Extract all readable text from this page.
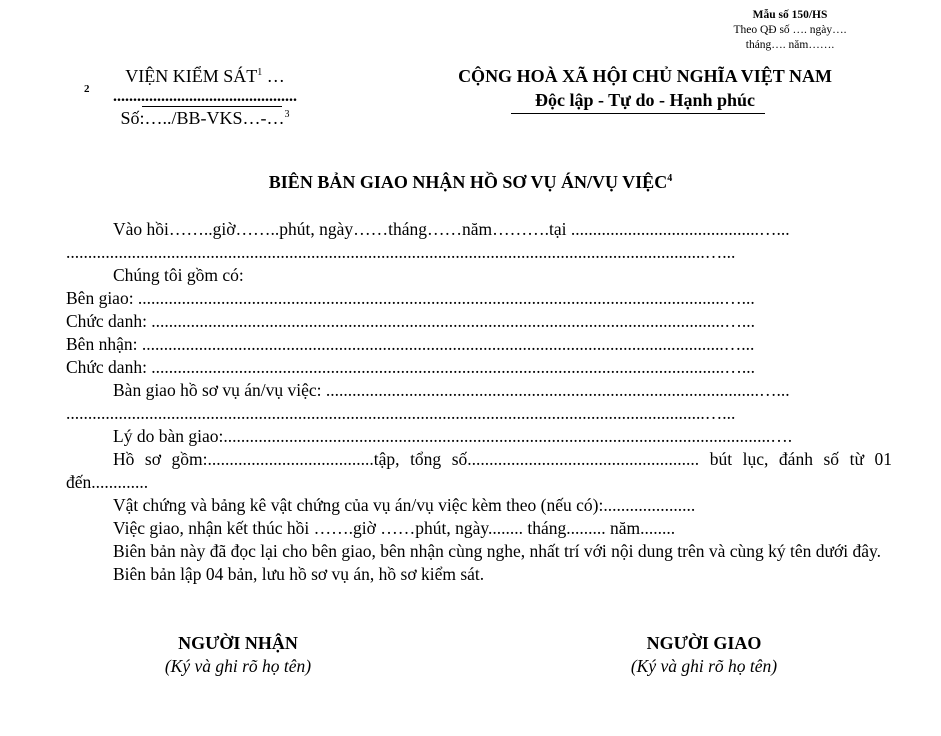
Mẫu số 150/HS
Theo QĐ số …. ngày….
tháng…. năm…….
VIỆN KIỂM SÁT$^1$ …
2 ..............................................
Số:…../BB-VKS…-…$^3$
CỘNG HOÀ XÃ HỘI CHỦ NGHĨA VIỆT NAM
Độc lập - Tự do - Hạnh phúc
BIÊN BẢN GIAO NHẬN HỒ SƠ VỤ ÁN/VỤ VIỆC$^4$
Vào hồi……..giờ……..phút, ngày……tháng……năm……….tại ...........................................…...
..................................................................................................................................................…...
Chúng tôi gồm có:
Bên giao: ......................................................................................................................................…...
Chức danh: ...................................................................................................................................…...
Bên nhận: .....................................................................................................................................…...
Chức danh: ...................................................................................................................................…...
Bàn giao hồ sơ vụ án/vụ việc: ...................................................................................................…...
..................................................................................................................................................…...
Lý do bàn giao:.............................................................................................................................….
Hồ sơ gồm:......................................tập, tổng số..................................................... bút lục, đánh số từ 01 đến.............
Vật chứng và bảng kê vật chứng của vụ án/vụ việc kèm theo (nếu có):.....................
Việc giao, nhận kết thúc hồi …….giờ ……phút, ngày........ tháng......... năm........
Biên bản này đã đọc lại cho bên giao, bên nhận cùng nghe, nhất trí với nội dung trên và cùng ký tên dưới đây.
Biên bản lập 04 bản, lưu hồ sơ vụ án, hồ sơ kiểm sát.
NGƯỜI NHẬN
(Ký và ghi rõ họ tên)
NGƯỜI GIAO
(Ký và ghi rõ họ tên)
